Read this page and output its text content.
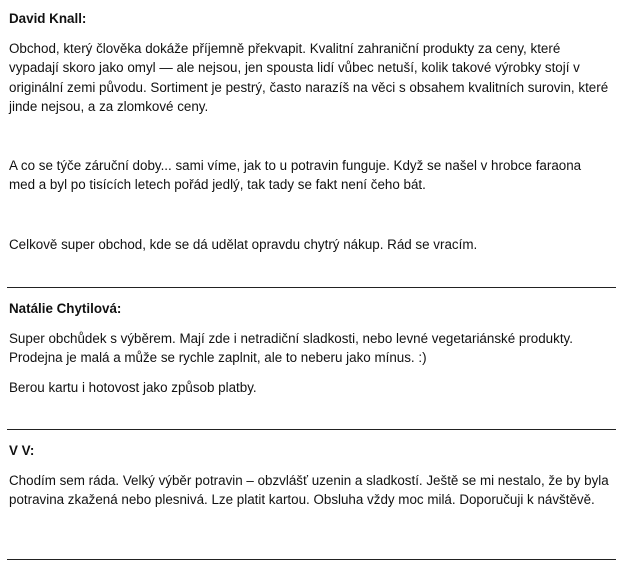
David Knall:

Obchod, který člověka dokáže příjemně překvapit. Kvalitní zahraniční produkty za ceny, které vypadají skoro jako omyl — ale nejsou, jen spousta lidí vůbec netuší, kolik takové výrobky stojí v originální zemi původu. Sortiment je pestrý, často narazíš na věci s obsahem kvalitních surovin, které jinde nejsou, a za zlomkové ceny.

A co se týče záruční doby... sami víme, jak to u potravin funguje. Když se našel v hrobce faraona med a byl po tisících letech pořád jedlý, tak tady se fakt není čeho bát.

Celkově super obchod, kde se dá udělat opravdu chytrý nákup. Rád se vracím.

Natálie Chytilová:

Super obchůdek s výběrem. Mají zde i netradiční sladkosti, nebo levné vegetariánské produkty. Prodejna je malá a může se rychle zaplnit, ale to neberu jako mínus. :)

Berou kartu i hotovost jako způsob platby.

V V:

Chodím sem ráda. Velký výběr potravin – obzvlášť uzenin a sladkostí. Ještě se mi nestalo, že by byla potravina zkažená nebo plesnivá. Lze platit kartou. Obsluha vždy moc milá. Doporučuji k návštěvě.
